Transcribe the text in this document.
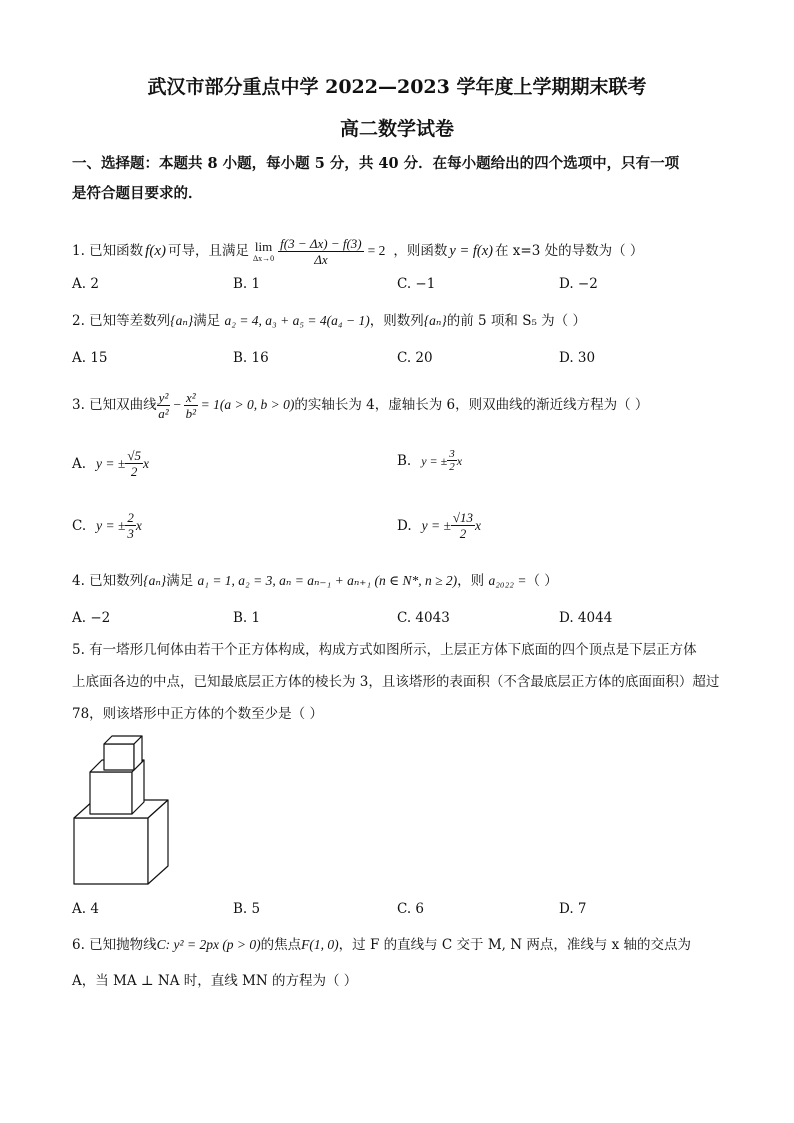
武汉市部分重点中学 2022—2023 学年度上学期期末联考
高二数学试卷
一、选择题：本题共 8 小题，每小题 5 分，共 40 分．在每小题给出的四个选项中，只有一项
是符合题目要求的．
1. 已知函数 f(x) 可导，且满足 lim
$\Delta x\to 0 \frac{f(3 - \Delta x) - f(3)}{\Delta x} = 2$ ，则函数 y = f(x) 在 x=3 处的导数为（ ）
A. 2	B. 1	C. −1	D. −2
2. 已知等差数列{aₙ}满足 a₂ = 4, a₃ + a₅ = 4(a₄ − 1)，则数列{aₙ}的前 5 项和 S₅ 为（ ）
A. 15	B. 16	C. 20	D. 30
3. 已知双曲线 $\frac{\text{y²}}{\text{a²}} - \frac{\text{x²}}{\text{b²}} = 1(a > 0$, b > 0) 的实轴长为 4，虚轴长为 6，则双曲线的渐近线方程为（ ）
A. y = ± $\frac{√5}{2}$ x	B. y = ± $\frac{3}{2}$ x
C. y = ± $\frac{2}{3}$ x	D. y = ± $\frac{√13}{2}$ x
4. 已知数列{aₙ}满足 a₁ = 1, a₂ = 3, aₙ = aₙ₋₁ + aₙ₊₁ (n ∈ N*, n ≥ 2)，则 a₂₀₂₂ =（ ）
A. −2	B. 1	C. 4043	D. 4044
5. 有一塔形几何体由若干个正方体构成，构成方式如图所示，上层正方体下底面的四个顶点是下层正方体
上底面各边的中点，已知最底层正方体的棱长为 3，且该塔形的表面积（不含最底层正方体的底面面积）超过
78，则该塔形中正方体的个数至少是（ ）
A. 4	B. 5	C. 6	D. 7
6. 已知抛物线C: y² = 2px (p > 0)的焦点F(1, 0)，过 F 的直线与 C 交于 M, N 两点，准线与 x 轴的交点为
A，当 MA ⊥ NA 时，直线 MN 的方程为（ ）
